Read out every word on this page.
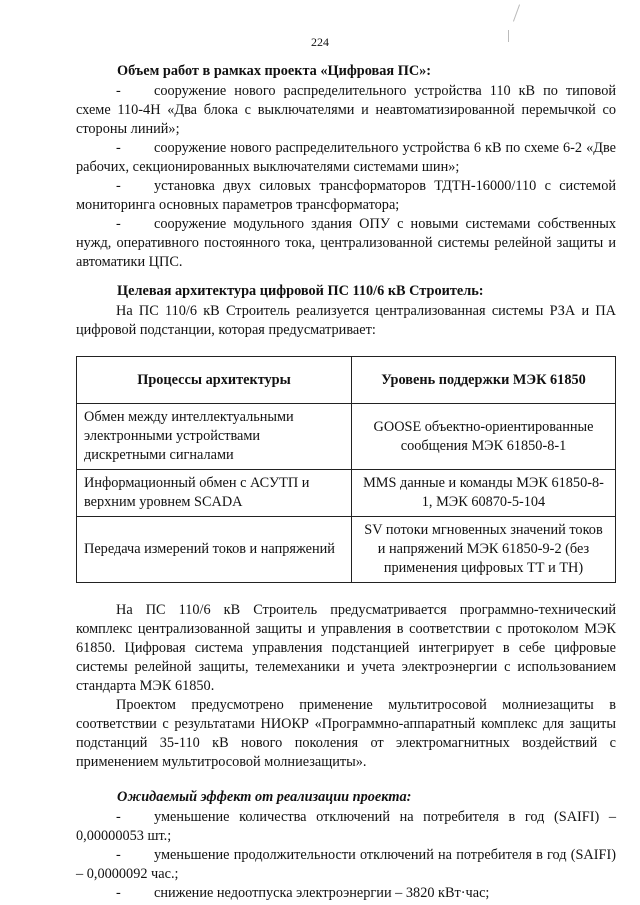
224
Объем работ в рамках проекта «Цифровая ПС»:

- сооружение нового распределительного устройства 110 кВ по типовой схеме 110-4Н «Два блока с выключателями и неавтоматизированной перемычкой со стороны линий»;

- сооружение нового распределительного устройства 6 кВ по схеме 6-2 «Две рабочих, секционированных выключателями системами шин»;

- установка двух силовых трансформаторов ТДТН-16000/110 с системой мониторинга основных параметров трансформатора;

- сооружение модульного здания ОПУ с новыми системами собственных нужд, оперативного постоянного тока, централизованной системы релейной защиты и автоматики ЦПС.

Целевая архитектура цифровой ПС 110/6 кВ Строитель:

На ПС 110/6 кВ Строитель реализуется централизованная системы РЗА и ПА цифровой подстанции, которая предусматривает:

Процессы архитектуры	Уровень поддержки МЭК 61850
Обмен между интеллектуальными электронными устройствами дискретными сигналами	GOOSE объектно-ориентированные сообщения МЭК 61850-8-1
Информационный обмен с АСУТП и верхним уровнем SCADA	MMS данные и команды МЭК 61850-8-1, МЭК 60870-5-104
Передача измерений токов и напряжений	SV потоки мгновенных значений токов и напряжений МЭК 61850-9-2 (без применения цифровых ТТ и ТН)

На ПС 110/6 кВ Строитель предусматривается программно-технический комплекс централизованной защиты и управления в соответствии с протоколом МЭК 61850. Цифровая система управления подстанцией интегрирует в себе цифровые системы релейной защиты, телемеханики и учета электроэнергии с использованием стандарта МЭК 61850.

Проектом предусмотрено применение мультитросовой молниезащиты в соответствии с результатами НИОКР «Программно-аппаратный комплекс для защиты подстанций 35-110 кВ нового поколения от электромагнитных воздействий с применением мультитросовой молниезащиты».

Ожидаемый эффект от реализации проекта:

- уменьшение количества отключений на потребителя в год (SAIFI) – 0,00000053 шт.;

- уменьшение продолжительности отключений на потребителя в год (SAIFI) – 0,0000092 час.;

- снижение недоотпуска электроэнергии – 3820 кВт·час;
